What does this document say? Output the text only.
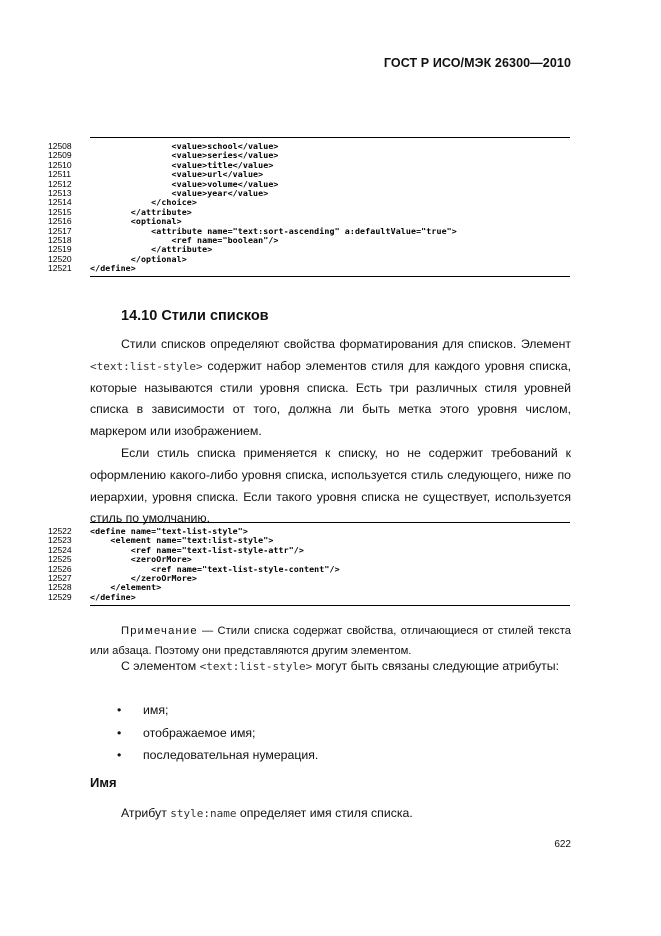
ГОСТ Р ИСО/МЭК 26300—2010
12508	<value>school</value>
12509	<value>series</value>
12510	<value>title</value>
12511	<value>url</value>
12512	<value>volume</value>
12513	<value>year</value>
12514	</choice>
12515	</attribute>
12516	<optional>
12517	<attribute name="text:sort-ascending" a:defaultValue="true">
12518	<ref name="boolean"/>
12519	</attribute>
12520	</optional>
12521	</define>
14.10 Стили списков
Стили списков определяют свойства форматирования для списков. Элемент <text:list-style> содержит набор элементов стиля для каждого уровня списка, которые называются стили уровня списка. Есть три различных стиля уровней списка в зависимости от того, должна ли быть метка этого уровня числом, маркером или изображением.
Если стиль списка применяется к списку, но не содержит требований к оформлению какого-либо уровня списка, используется стиль следующего, ниже по иерархии, уровня списка. Если такого уровня списка не существует, используется стиль по умолчанию.
12522	<define name="text-list-style">
12523	<element name="text:list-style">
12524	<ref name="text-list-style-attr"/>
12525	<zeroOrMore>
12526	<ref name="text-list-style-content"/>
12527	</zeroOrMore>
12528	</element>
12529	</define>
Примечание — Стили списка содержат свойства, отличающиеся от стилей текста или абзаца. Поэтому они представляются другим элементом.
С элементом <text:list-style> могут быть связаны следующие атрибуты:
•	имя;
•	отображаемое имя;
•	последовательная нумерация.
Имя
Атрибут style:name определяет имя стиля списка.
622
